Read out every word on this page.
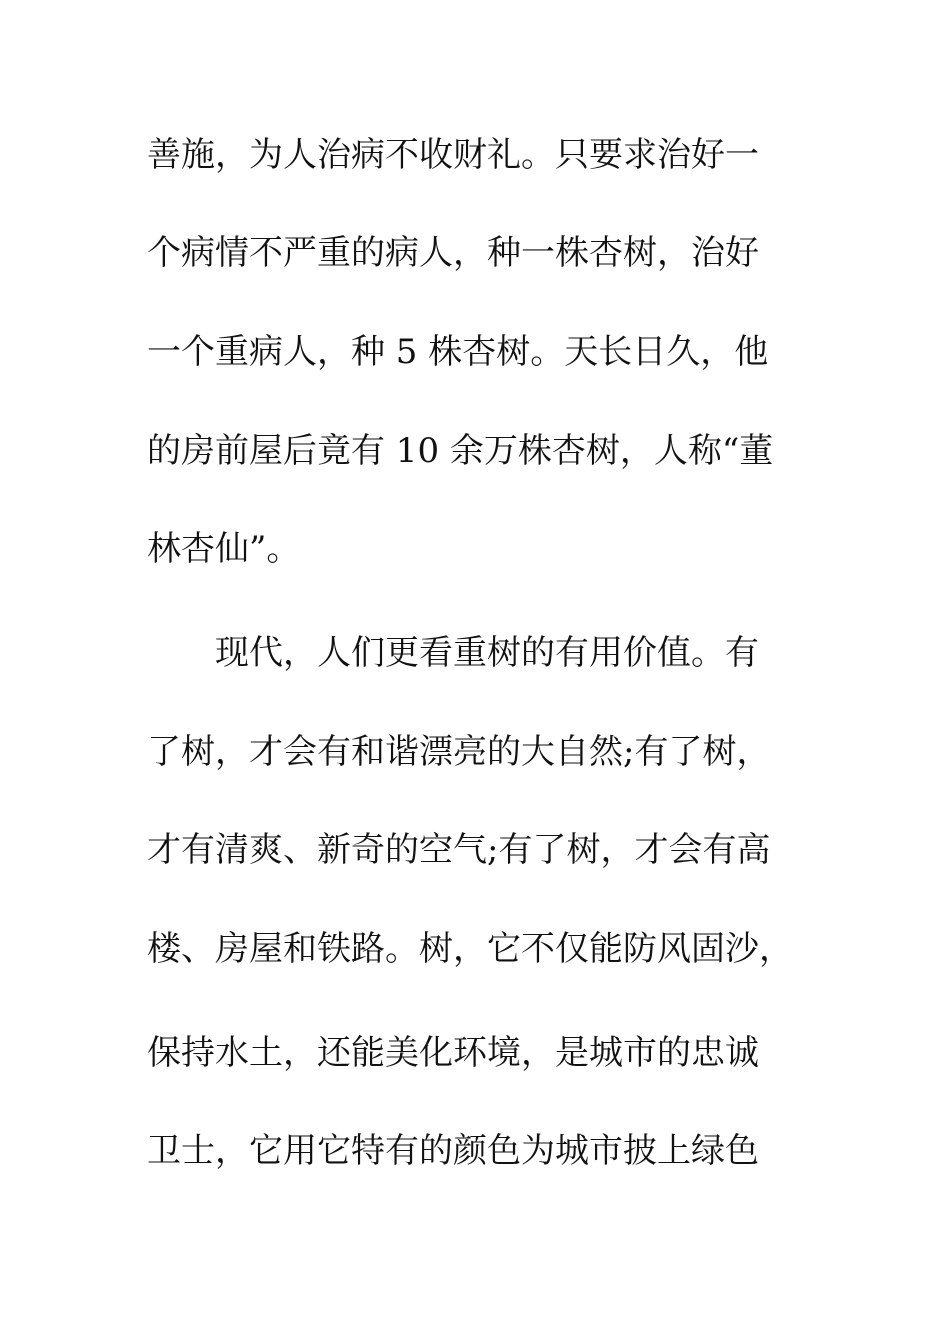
善施，为人治病不收财礼。只要求治好一
个病情不严重的病人，种一株杏树，治好
一个重病人，种 5 株杏树。天长日久，他
的房前屋后竟有 10 余万株杏树，人称“董
林杏仙”。
现代，人们更看重树的有用价值。有
了树，才会有和谐漂亮的大自然;有了树，
才有清爽、新奇的空气;有了树，才会有高
楼、房屋和铁路。树，它不仅能防风固沙，
保持水土，还能美化环境，是城市的忠诚
卫士，它用它特有的颜色为城市披上绿色
